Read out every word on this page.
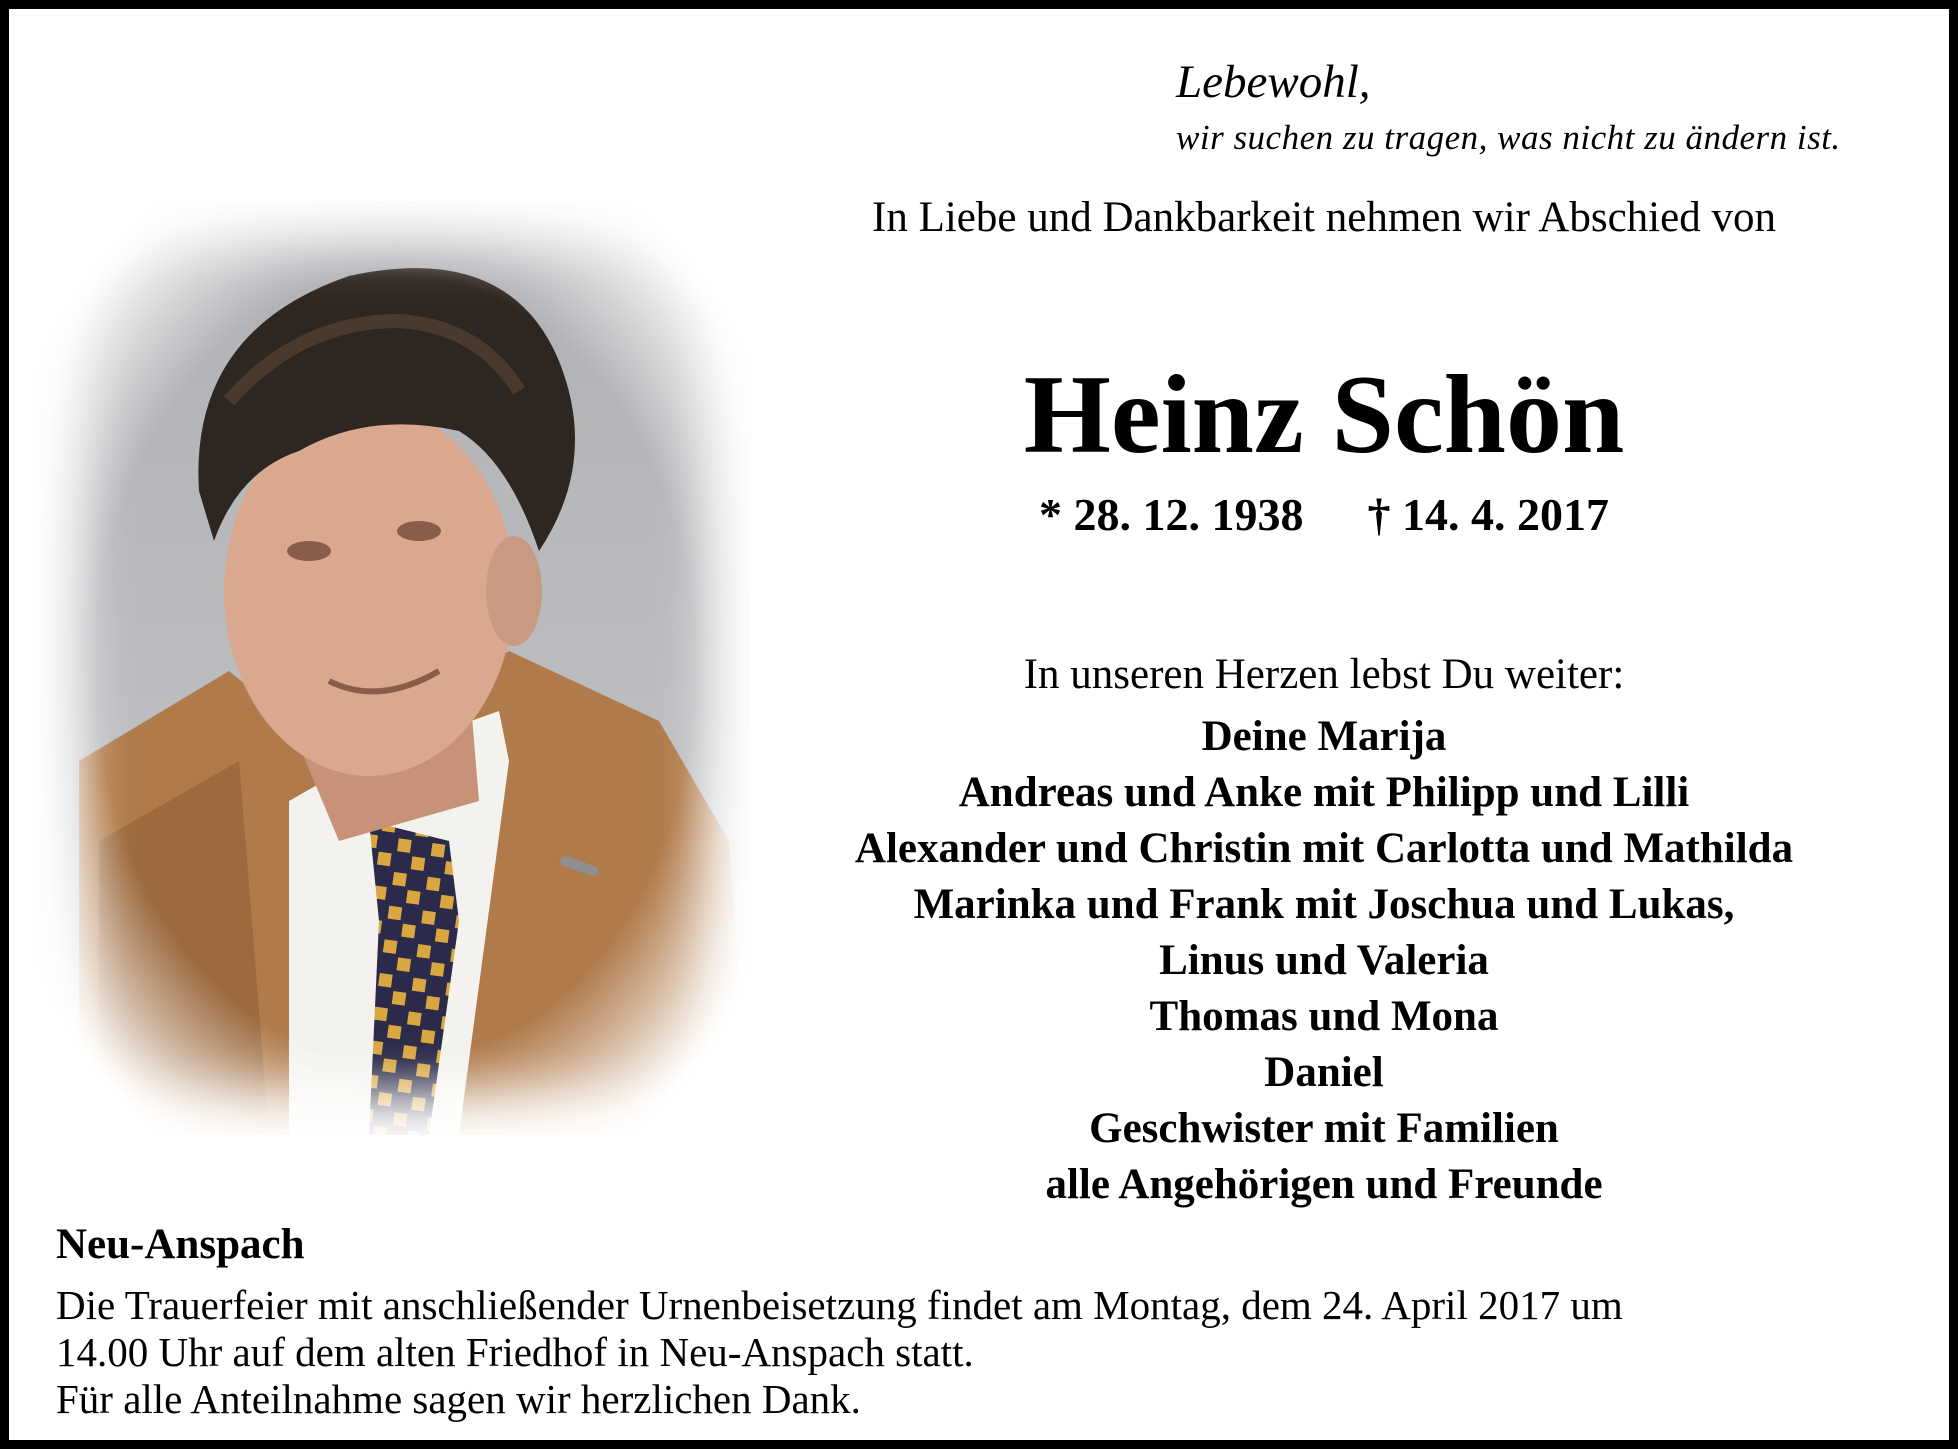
Lebewohl,
wir suchen zu tragen, was nicht zu ändern ist.
In Liebe und Dankbarkeit nehmen wir Abschied von
Heinz Schön
* 28. 12. 1938 † 14. 4. 2017
In unseren Herzen lebst Du weiter:
Deine Marija
Andreas und Anke mit Philipp und Lilli
Alexander und Christin mit Carlotta und Mathilda
Marinka und Frank mit Joschua und Lukas,
Linus und Valeria
Thomas und Mona
Daniel
Geschwister mit Familien
alle Angehörigen und Freunde
Neu-Anspach

Die Trauerfeier mit anschließender Urnenbeisetzung findet am Montag, dem 24. April 2017 um

14.00 Uhr auf dem alten Friedhof in Neu-Anspach statt.

Für alle Anteilnahme sagen wir herzlichen Dank.
